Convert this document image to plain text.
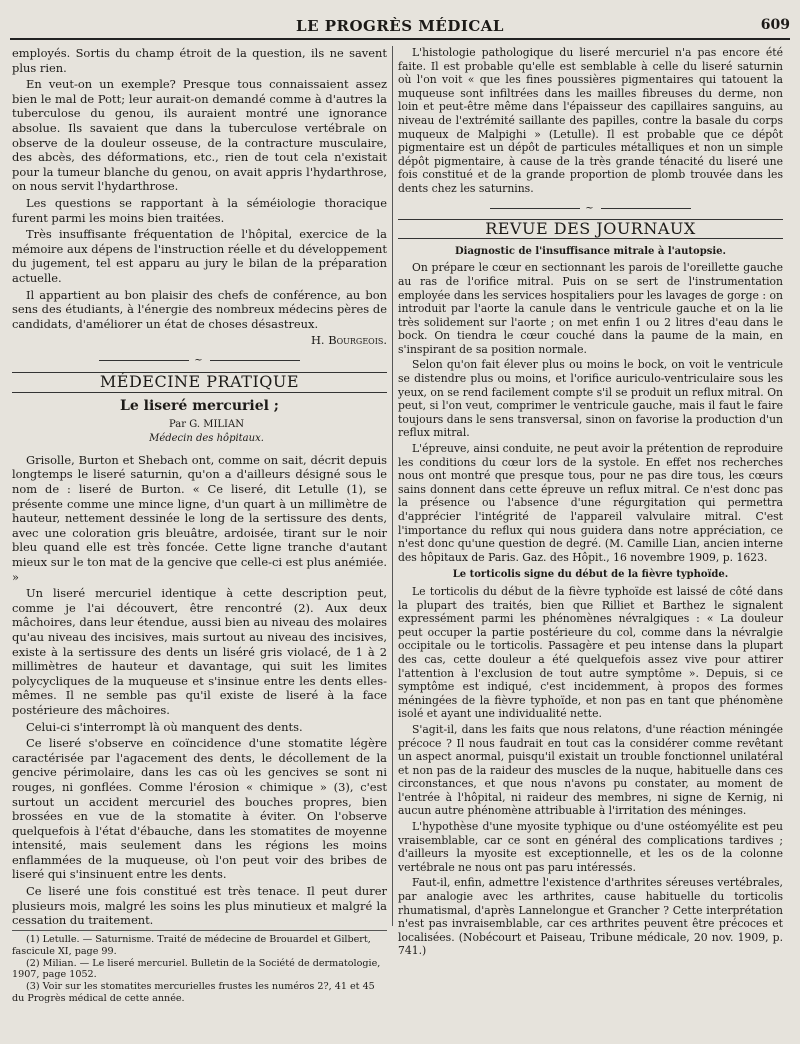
LE PROGRÈS MÉDICAL	609

employés. Sortis du champ étroit de la question, ils ne savent plus rien.

En veut-on un exemple? Presque tous connaissaient assez bien le mal de Pott; leur aurait-on demandé comme à d'autres la tuberculose du genou, ils auraient montré une ignorance absolue. Ils savaient que dans la tuberculose vertébrale on observe de la douleur osseuse, de la contracture musculaire, des abcès, des déformations, etc., rien de tout cela n'existait pour la tumeur blanche du genou, on avait appris l'hydarthrose, on nous servit l'hydarthrose.

Les questions se rapportant à la séméiologie thoracique furent parmi les moins bien traitées.

Très insuffisante fréquentation de l'hôpital, exercice de la mémoire aux dépens de l'instruction réelle et du développement du jugement, tel est apparu au jury le bilan de la préparation actuelle.

Il appartient au bon plaisir des chefs de conférence, au bon sens des étudiants, à l'énergie des nombreux médecins pères de candidats, d'améliorer un état de choses désastreux.

H. Bourgeois.
~
MÉDECINE PRATIQUE
Le liseré mercuriel ;

Par G. MILIAN

Médecin des hôpitaux.

Grisolle, Burton et Shebach ont, comme on sait, décrit depuis longtemps le liseré saturnin, qu'on a d'ailleurs désigné sous le nom de : liseré de Burton. « Ce liseré, dit Letulle (1), se présente comme une mince ligne, d'un quart à un millimètre de hauteur, nettement dessinée le long de la sertissure des dents, avec une coloration gris bleuâtre, ardoisée, tirant sur le noir bleu quand elle est très foncée. Cette ligne tranche d'autant mieux sur le ton mat de la gencive que celle-ci est plus anémiée. »

Un liseré mercuriel identique à cette description peut, comme je l'ai découvert, être rencontré (2). Aux deux mâchoires, dans leur étendue, aussi bien au niveau des molaires qu'au niveau des incisives, mais surtout au niveau des incisives, existe à la sertissure des dents un liséré gris violacé, de 1 à 2 millimètres de hauteur et davantage, qui suit les limites polycycliques de la muqueuse et s'insinue entre les dents elles-mêmes. Il ne semble pas qu'il existe de liseré à la face postérieure des mâchoires.

Celui-ci s'interrompt là où manquent des dents.

Ce liseré s'observe en coïncidence d'une stomatite légère caractérisée par l'agacement des dents, le décollement de la gencive périmolaire, dans les cas où les gencives se sont ni rouges, ni gonflées. Comme l'érosion « chimique » (3), c'est surtout un accident mercuriel des bouches propres, bien brossées en vue de la stomatite à éviter. On l'observe quelquefois à l'état d'ébauche, dans les stomatites de moyenne intensité, mais seulement dans les régions les moins enflammées de la muqueuse, où l'on peut voir des bribes de liseré qui s'insinuent entre les dents.

Ce liseré une fois constitué est très tenace. Il peut durer plusieurs mois, malgré les soins les plus minutieux et malgré la cessation du traitement.

L'histologie pathologique du liseré mercuriel n'a pas encore été faite. Il est probable qu'elle est semblable à celle du liseré saturnin où l'on voit « que les fines poussières pigmentaires qui tatouent la muqueuse sont infiltrées dans les mailles fibreuses du derme, non loin et peut-être même dans l'épaisseur des capillaires sanguins, au niveau de l'extrémité saillante des papilles, contre la basale du corps muqueux de Malpighi » (Letulle). Il est probable que ce dépôt pigmentaire est un dépôt de particules métalliques et non un simple dépôt pigmentaire, à cause de la très grande ténacité du liseré une fois constitué et de la grande proportion de plomb trouvée dans les dents chez les saturnins.

~
REVUE DES JOURNAUX
Diagnostic de l'insuffisance mitrale à l'autopsie.

On prépare le cœur en sectionnant les parois de l'oreillette gauche au ras de l'orifice mitral. Puis on se sert de l'instrumentation employée dans les services hospitaliers pour les lavages de gorge : on introduit par l'aorte la canule dans le ventricule gauche et on la lie très solidement sur l'aorte ; on met enfin 1 ou 2 litres d'eau dans le bock. On tiendra le cœur couché dans la paume de la main, en s'inspirant de sa position normale.

Selon qu'on fait élever plus ou moins le bock, on voit le ventricule se distendre plus ou moins, et l'orifice auriculo-ventriculaire sous les yeux, on se rend facilement compte s'il se produit un reflux mitral. On peut, si l'on veut, comprimer le ventricule gauche, mais il faut le faire toujours dans le sens transversal, sinon on favorise la production d'un reflux mitral.

L'épreuve, ainsi conduite, ne peut avoir la prétention de reproduire les conditions du cœur lors de la systole. En effet nos recherches nous ont montré que presque tous, pour ne pas dire tous, les cœurs sains donnent dans cette épreuve un reflux mitral. Ce n'est donc pas la présence ou l'absence d'une régurgitation qui permettra d'apprécier l'intégrité de l'appareil valvulaire mitral. C'est l'importance du reflux qui nous guidera dans notre appréciation, ce n'est donc qu'une question de degré. (M. Camille Lian, ancien interne des hôpitaux de Paris. Gaz. des Hôpit., 16 novembre 1909, p. 1623.

Le torticolis signe du début de la fièvre typhoïde.

Le torticolis du début de la fièvre typhoïde est laissé de côté dans la plupart des traités, bien que Rilliet et Barthez le signalent expressément parmi les phénomènes névralgiques : « La douleur peut occuper la partie postérieure du col, comme dans la névralgie occipitale ou le torticolis. Passagère et peu intense dans la plupart des cas, cette douleur a été quelquefois assez vive pour attirer l'attention à l'exclusion de tout autre symptôme ». Depuis, si ce symptôme est indiqué, c'est incidemment, à propos des formes méningées de la fièvre typhoïde, et non pas en tant que phénomène isolé et ayant une individualité nette.

S'agit-il, dans les faits que nous relatons, d'une réaction méningée précoce ? Il nous faudrait en tout cas la considérer comme revêtant un aspect anormal, puisqu'il existait un trouble fonctionnel unilatéral et non pas de la raideur des muscles de la nuque, habituelle dans ces circonstances, et que nous n'avons pu constater, au moment de l'entrée à l'hôpital, ni raideur des membres, ni signe de Kernig, ni aucun autre phénomène attribuable à l'irritation des méninges.

L'hypothèse d'une myosite typhique ou d'une ostéomyélite est peu vraisemblable, car ce sont en général des complications tardives ; d'ailleurs la myosite est exceptionnelle, et les os de la colonne vertébrale ne nous ont pas paru intéressés.

Faut-il, enfin, admettre l'existence d'arthrites séreuses vertébrales, par analogie avec les arthrites, cause habituelle du torticolis rhumatismal, d'après Lannelongue et Grancher ? Cette interprétation n'est pas invraisemblable, car ces arthrites peuvent être précoces et localisées. (Nobécourt et Paiseau, Tribune médicale, 20 nov. 1909, p. 741.)

(1) Letulle. — Saturnisme. Traité de médecine de Brouardel et Gilbert, fascicule XI, page 99.

(2) Milian. — Le liseré mercuriel. Bulletin de la Société de dermatologie, 1907, page 1052.

(3) Voir sur les stomatites mercurielles frustes les numéros 2?, 41 et 45 du Progrès médical de cette année.
